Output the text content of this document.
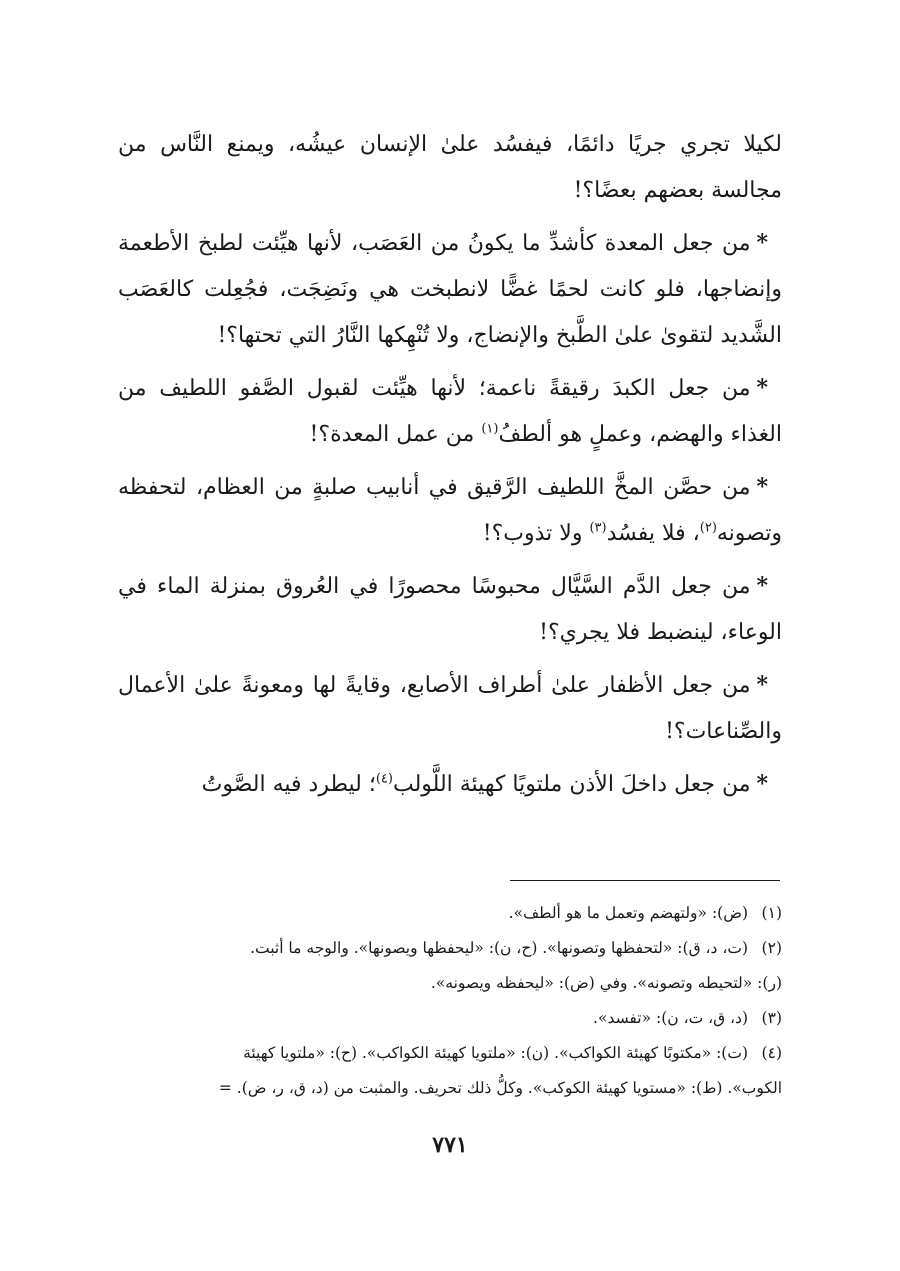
لكيلا تجري جريًا دائمًا، فيفسُد علىٰ الإنسان عيشُه، ويمنع النَّاس من مجالسة بعضهم بعضًا؟!

*من جعل المعدة كأشدِّ ما يكونُ من العَصَب، لأنها هيِّئت لطبخ الأطعمة وإنضاجها، فلو كانت لحمًا غضًّا لانطبخت هي ونَضِجَت، فجُعِلت كالعَصَب الشَّديد لتقوىٰ علىٰ الطَّبخ والإنضاج، ولا تُنْهِكها النَّارُ التي تحتها؟!

*من جعل الكبدَ رقيقةً ناعمة؛ لأنها هيِّئت لقبول الصَّفو اللطيف من الغذاء والهضم، وعملٍ هو ألطفُ$^{(١)}$ من عمل المعدة؟!

*من حصَّن المخَّ اللطيف الرَّقيق في أنابيب صلبةٍ من العظام، لتحفظه وتصونه$^{(٢)}$، فلا يفسُد$^{(٣)}$ ولا تذوب؟!

*من جعل الدَّم السَّيَّال محبوسًا محصورًا في العُروق بمنزلة الماء في الوعاء، لينضبط فلا يجري؟!

*من جعل الأظفار علىٰ أطراف الأصابع، وقايةً لها ومعونةً علىٰ الأعمال والصِّناعات؟!

*من جعل داخلَ الأذن ملتويًا كهيئة اللَّولب$^{(٤)}$؛ ليطرد فيه الصَّوتُ

(١)(ض): «ولتهضم وتعمل ما هو ألطف».

(٢)(ت، د، ق): «لتحفظها وتصونها». (ح، ن): «ليحفظها ويصونها». والوجه ما أثبت.

(ر): «لتحيطه وتصونه». وفي (ض): «ليحفظه ويصونه».

(٣)(د، ق، ت، ن): «تفسد».

(٤)(ت): «مكتوبًا كهيئة الكواكب». (ن): «ملتويا كهيئة الكواكب». (ح): «ملتويا كهيئة

الكوب». (ط): «مستويا كهيئة الكوكب». وكلُّ ذلك تحريف. والمثبت من (د، ق، ر، ض). =

٧٧١
